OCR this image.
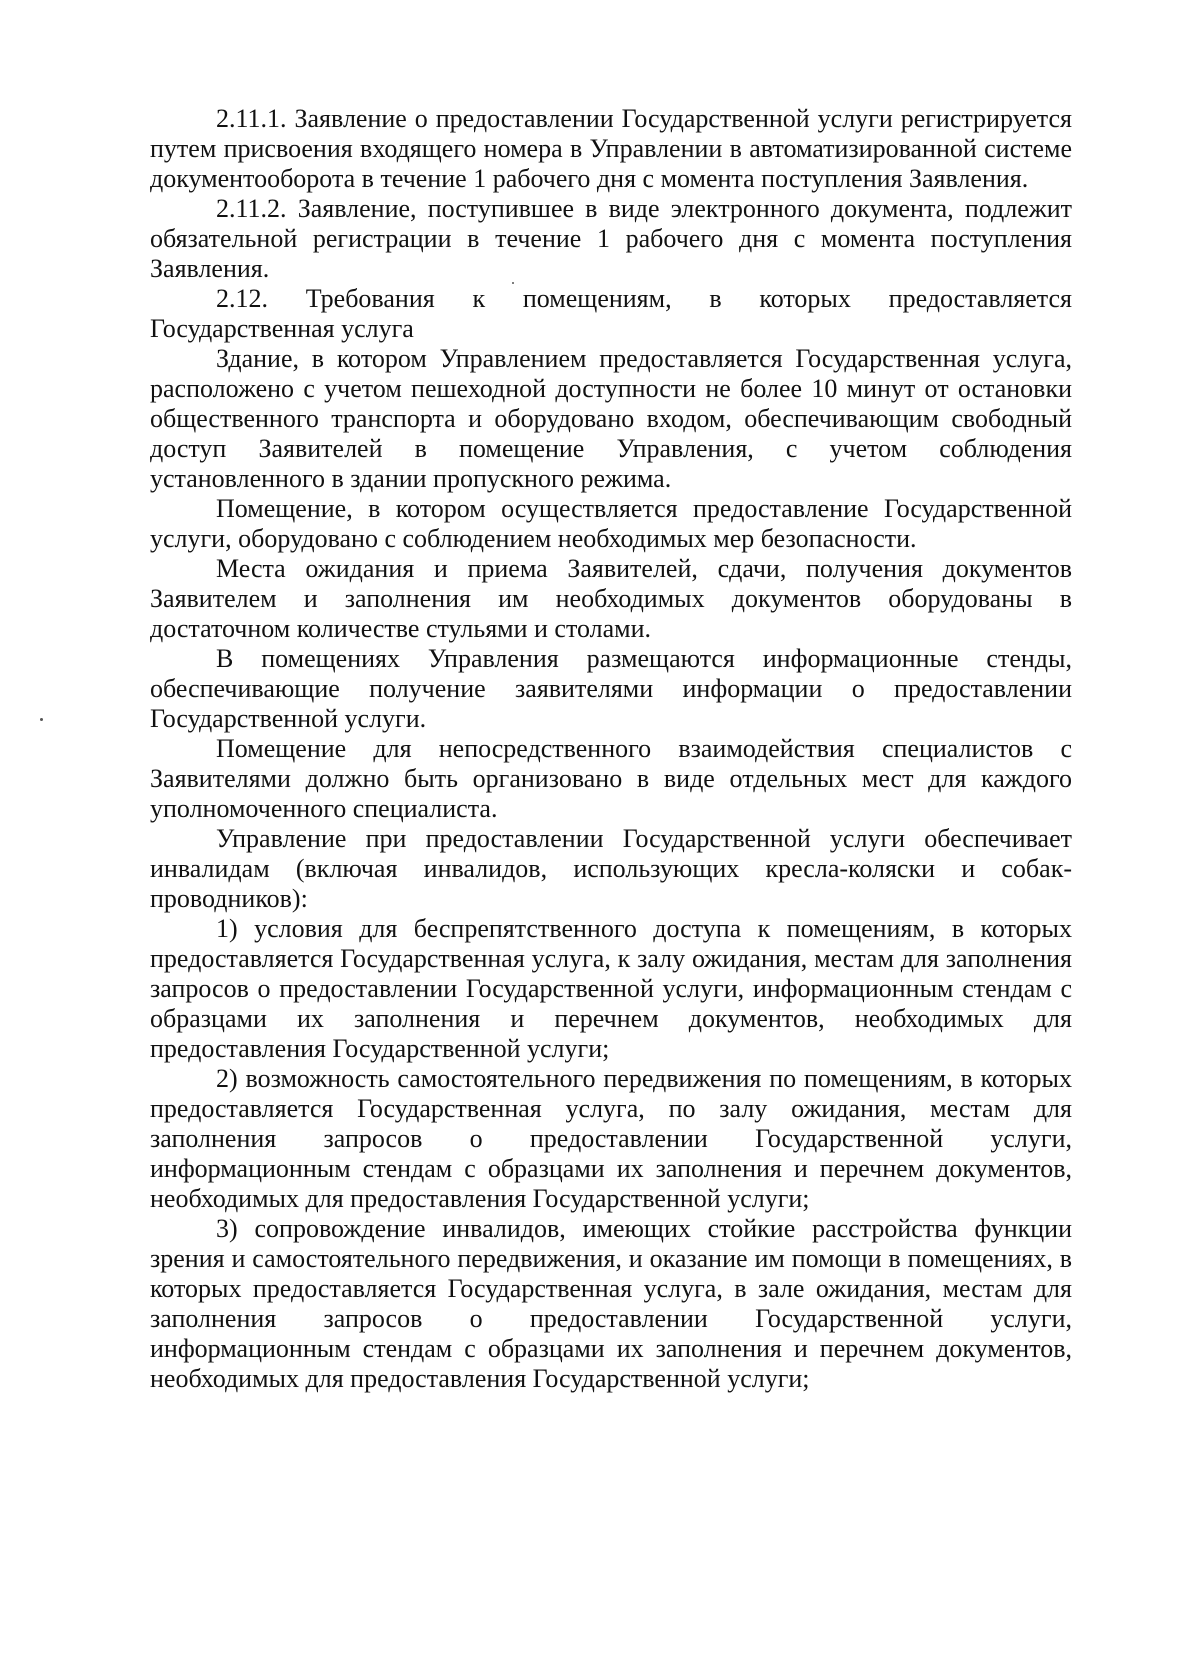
2.11.1. Заявление о предоставлении Государственной услуги регистрируется путем присвоения входящего номера в Управлении в автоматизированной системе документооборота в течение 1 рабочего дня с момента поступления Заявления.

2.11.2. Заявление, поступившее в виде электронного документа, подлежит обязательной регистрации в течение 1 рабочего дня с момента поступления Заявления.

2.12. Требования к помещениям, в которых предоставляется Государственная услуга

Здание, в котором Управлением предоставляется Государственная услуга, расположено с учетом пешеходной доступности не более 10 минут от остановки общественного транспорта и оборудовано входом, обеспечивающим свободный доступ Заявителей в помещение Управления, с учетом соблюдения установленного в здании пропускного режима.

Помещение, в котором осуществляется предоставление Государственной услуги, оборудовано с соблюдением необходимых мер безопасности.

Места ожидания и приема Заявителей, сдачи, получения документов Заявителем и заполнения им необходимых документов оборудованы в достаточном количестве стульями и столами.

В помещениях Управления размещаются информационные стенды, обеспечивающие получение заявителями информации о предоставлении Государственной услуги.

Помещение для непосредственного взаимодействия специалистов с Заявителями должно быть организовано в виде отдельных мест для каждого уполномоченного специалиста.

Управление при предоставлении Государственной услуги обеспечивает инвалидам (включая инвалидов, использующих кресла-коляски и собак-проводников):

1) условия для беспрепятственного доступа к помещениям, в которых предоставляется Государственная услуга, к залу ожидания, местам для заполнения запросов о предоставлении Государственной услуги, информационным стендам с образцами их заполнения и перечнем документов, необходимых для предоставления Государственной услуги;

2) возможность самостоятельного передвижения по помещениям, в которых предоставляется Государственная услуга, по залу ожидания, местам для заполнения запросов о предоставлении Государственной услуги, информационным стендам с образцами их заполнения и перечнем документов, необходимых для предоставления Государственной услуги;

3) сопровождение инвалидов, имеющих стойкие расстройства функции зрения и самостоятельного передвижения, и оказание им помощи в помещениях, в которых предоставляется Государственная услуга, в зале ожидания, местам для заполнения запросов о предоставлении Государственной услуги, информационным стендам с образцами их заполнения и перечнем документов, необходимых для предоставления Государственной услуги;
